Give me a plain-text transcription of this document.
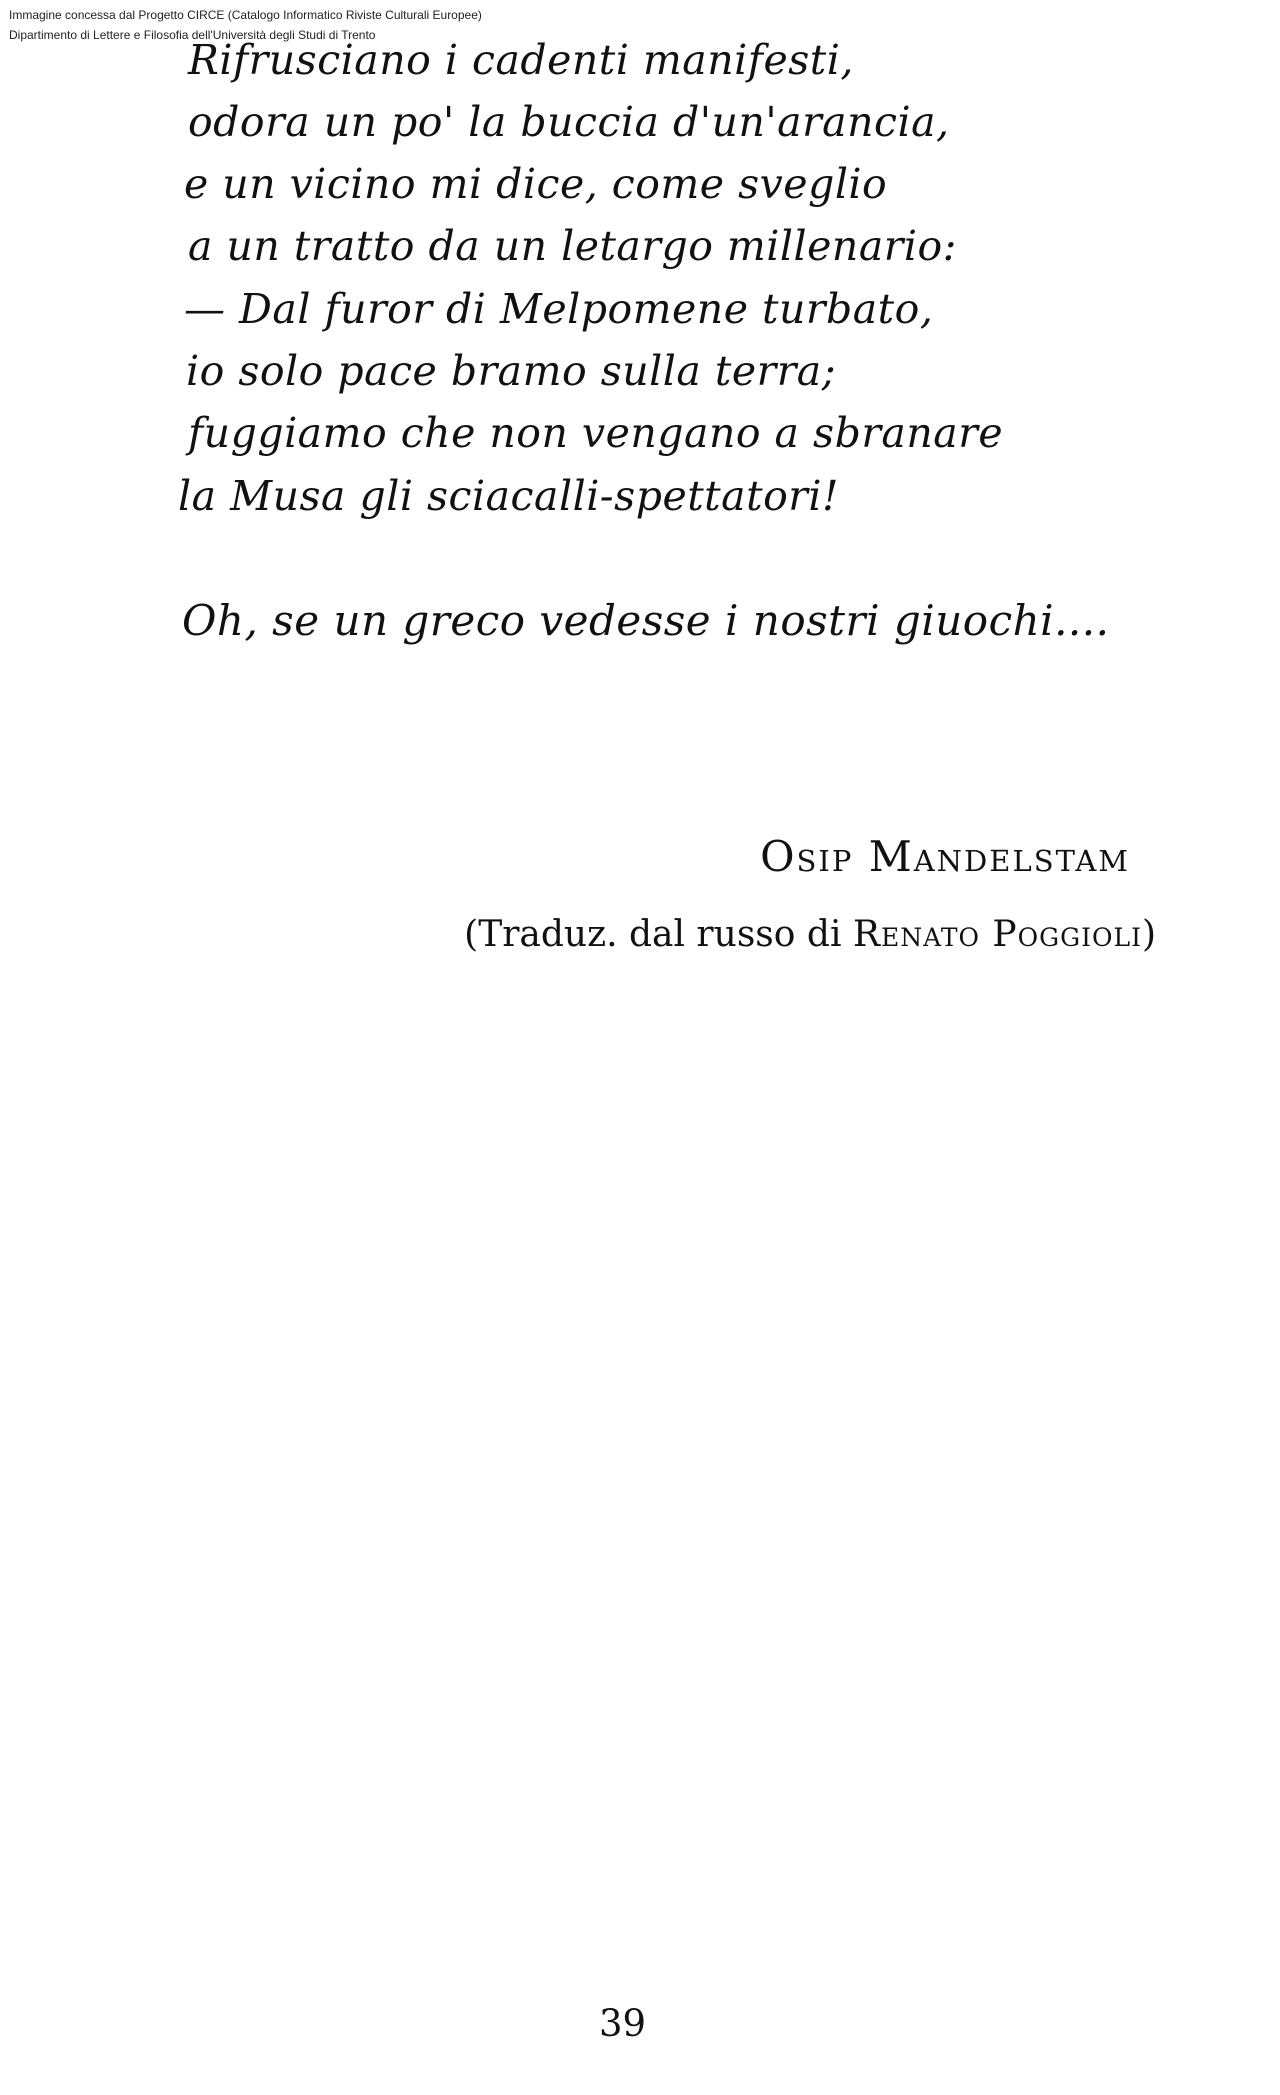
Immagine concessa dal Progetto CIRCE (Catalogo Informatico Riviste Culturali Europee)
Dipartimento di Lettere e Filosofia dell'Università degli Studi di Trento
Rifrusciano i cadenti manifesti,
odora un po' la buccia d'un'arancia,
e un vicino mi dice, come sveglio
a un tratto da un letargo millenario:
— Dal furor di Melpomene turbato,
io solo pace bramo sulla terra;
fuggiamo che non vengano a sbranare
la Musa gli sciacalli-spettatori!
Oh, se un greco vedesse i nostri giuochi....
Osip Mandelstam
(Traduz. dal russo di Renato Poggioli)
39
